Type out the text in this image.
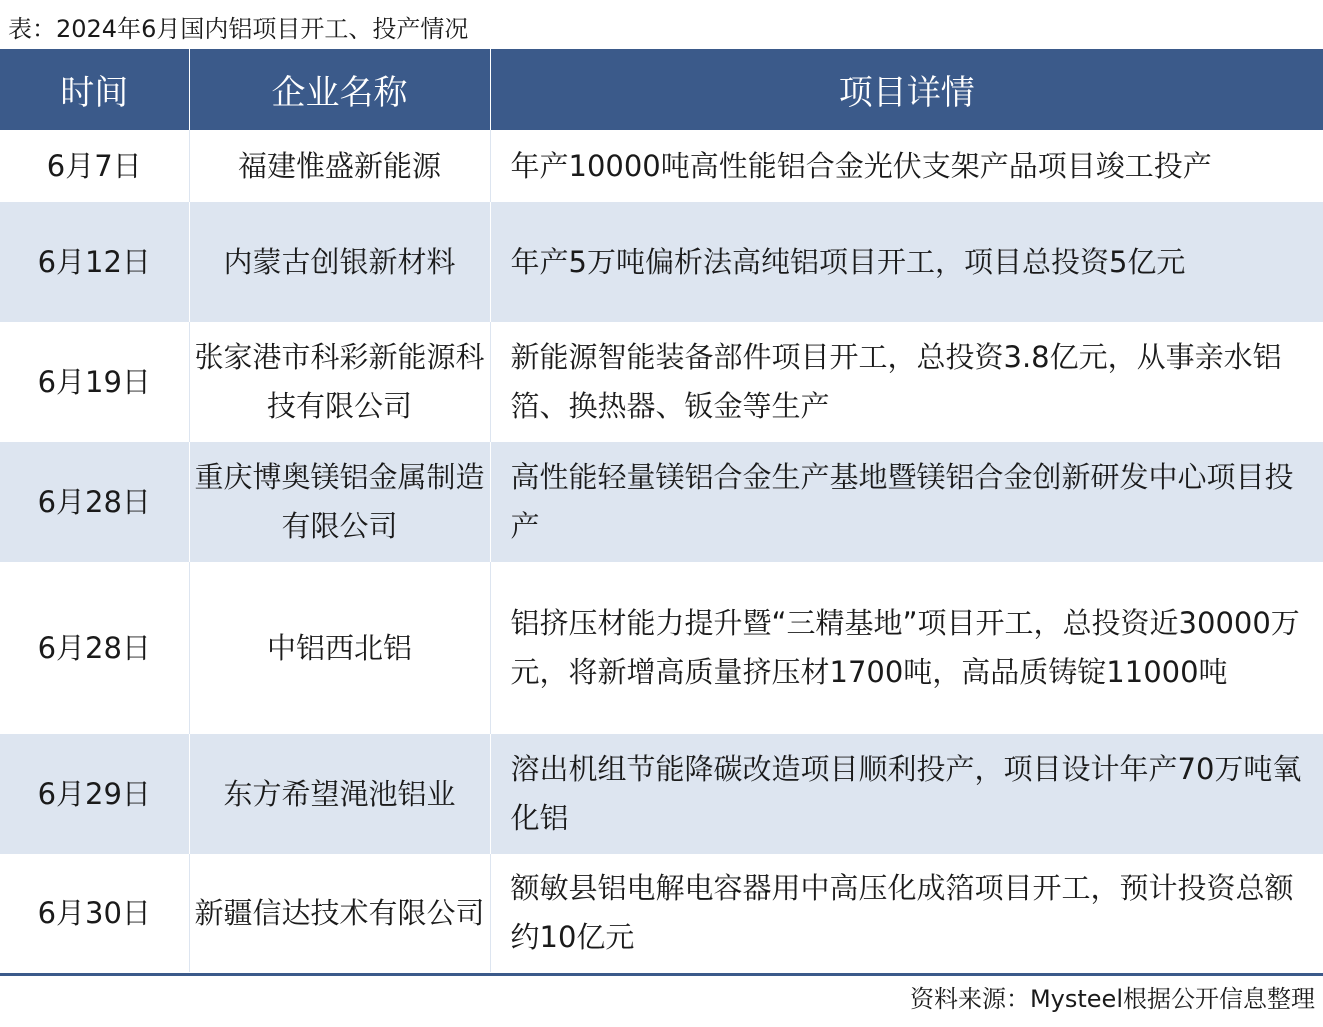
表：2024年6月国内铝项目开工、投产情况
时间	企业名称	项目详情
6月7日	福建惟盛新能源	年产10000吨高性能铝合金光伏支架产品项目竣工投产
6月12日	内蒙古创银新材料	年产5万吨偏析法高纯铝项目开工，项目总投资5亿元
6月19日	张家港市科彩新能源科技有限公司	新能源智能装备部件项目开工，总投资3.8亿元，从事亲水铝箔、换热器、钣金等生产
6月28日	重庆博奥镁铝金属制造有限公司	高性能轻量镁铝合金生产基地暨镁铝合金创新研发中心项目投产
6月28日	中铝西北铝	铝挤压材能力提升暨“三精基地”项目开工，总投资近30000万元，将新增高质量挤压材1700吨，高品质铸锭11000吨
6月29日	东方希望渑池铝业	溶出机组节能降碳改造项目顺利投产，项目设计年产70万吨氧化铝
6月30日	新疆信达技术有限公司	额敏县铝电解电容器用中高压化成箔项目开工，预计投资总额约10亿元
资料来源：Mysteel根据公开信息整理
